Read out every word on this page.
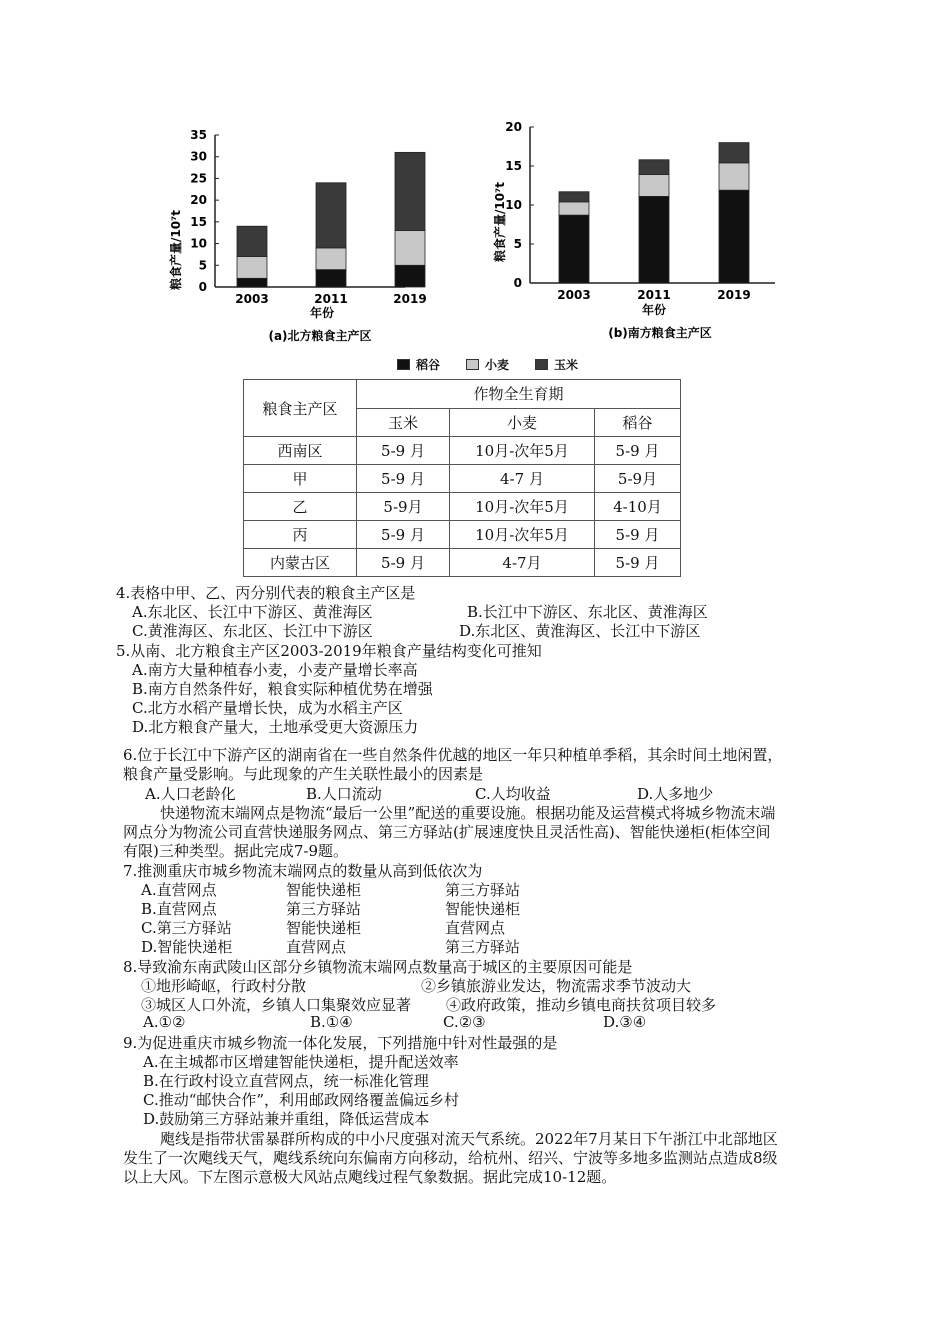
粮食产量/10⁷t 0
5
10
15
20
25
30
35
2003	2011	2019
年份
(a)北方粮食主产区
粮食产量/10⁷t
0
5
10
15
20
2003	2011	2019
年份
(b)南方粮食主产区
稻谷	小麦	玉米
粮食主产区	作物全生育期		
	玉米	小麦	稻谷
西南区	5-9 月	10月-次年5月	5-9 月
甲	5-9 月	4-7 月	5-9月
乙	5-9月	10月-次年5月	4-10月
丙	5-9 月	10月-次年5月	5-9 月
内蒙古区	5-9 月	4-7月	5-9 月
4.表格中甲、乙、丙分别代表的粮食主产区是
A.东北区、长江中下游区、黄淮海区	B.长江中下游区、东北区、黄淮海区
C.黄淮海区、东北区、长江中下游区	D.东北区、黄淮海区、长江中下游区
5.从南、北方粮食主产区2003-2019年粮食产量结构变化可推知
A.南方大量种植春小麦，小麦产量增长率高
B.南方自然条件好，粮食实际种植优势在增强
C.北方水稻产量增长快，成为水稻主产区
D.北方粮食产量大，土地承受更大资源压力
6.位于长江中下游产区的湖南省在一些自然条件优越的地区一年只种植单季稻，其余时间土地闲置，
粮食产量受影响。与此现象的产生关联性最小的因素是
A.人口老龄化	B.人口流动	C.人均收益	D.人多地少
快递物流末端网点是物流“最后一公里”配送的重要设施。根据功能及运营模式将城乡物流末端
网点分为物流公司直营快递服务网点、第三方驿站(扩展速度快且灵活性高)、智能快递柜(柜体空间
有限)三种类型。据此完成7-9题。
7.推测重庆市城乡物流末端网点的数量从高到低依次为
A.直营网点	智能快递柜	第三方驿站
B.直营网点	第三方驿站	智能快递柜
C.第三方驿站	智能快递柜	直营网点
D.智能快递柜	直营网点	第三方驿站
8.导致渝东南武陵山区部分乡镇物流末端网点数量高于城区的主要原因可能是
①地形崎岖，行政村分散	②乡镇旅游业发达，物流需求季节波动大
③城区人口外流，乡镇人口集聚效应显著 ④政府政策，推动乡镇电商扶贫项目较多
A.①②	B.①④	C.②③	D.③④
9.为促进重庆市城乡物流一体化发展，下列措施中针对性最强的是
A.在主城都市区增建智能快递柜，提升配送效率
B.在行政村设立直营网点，统一标准化管理
C.推动“邮快合作”，利用邮政网络覆盖偏远乡村
D.鼓励第三方驿站兼并重组，降低运营成本
飑线是指带状雷暴群所构成的中小尺度强对流天气系统。2022年7月某日下午浙江中北部地区
发生了一次飑线天气，飑线系统向东偏南方向移动，给杭州、绍兴、宁波等多地多监测站点造成8级
以上大风。下左图示意极大风站点飑线过程气象数据。据此完成10-12题。
